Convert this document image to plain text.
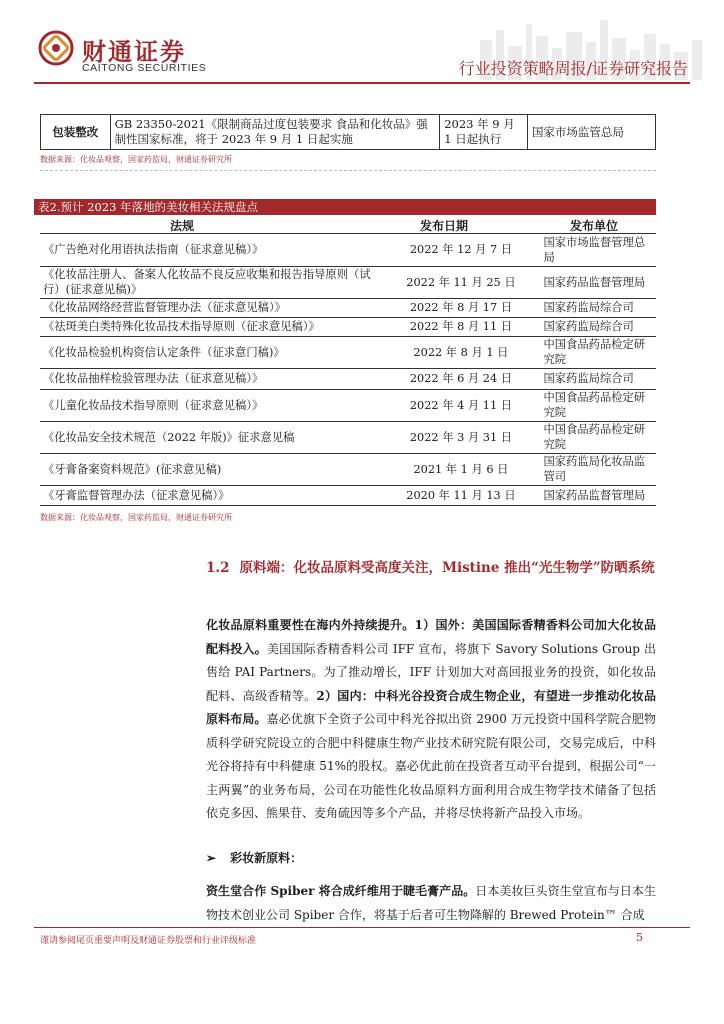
财通证券
CAITONG SECURITIES	行业投资策略周报/证券研究报告
包装整改	GB 23350-2021《限制商品过度包装要求 食品和化妆品》强制性国家标准，将于 2023 年 9 月 1 日起实施	2023 年 9 月 1 日起执行	国家市场监管总局
数据来源：化妆品观察，国家药监局，财通证券研究所
表2.预计 2023 年落地的美妆相关法规盘点
法规	发布日期	发布单位
《广告绝对化用语执法指南（征求意见稿）》	2022 年 12 月 7 日	国家市场监督管理总局
《化妆品注册人、备案人化妆品不良反应收集和报告指导原则（试行）(征求意见稿)》	2022 年 11 月 25 日	国家药品监督管理局
《化妆品网络经营监督管理办法（征求意见稿）》	2022 年 8 月 17 日	国家药监局综合司
《祛斑美白类特殊化妆品技术指导原则（征求意见稿）》	2022 年 8 月 11 日	国家药监局综合司
《化妆品检验机构资信认定条件（征求意门稿)》	2022 年 8 月 1 日	中国食品药品检定研究院
《化妆品抽样检验管理办法（征求意见稿）》	2022 年 6 月 24 日	国家药监局综合司
《儿童化妆品技术指导原则（征求意见稿）》	2022 年 4 月 11 日	中国食品药品检定研究院
《化妆品安全技术规范（2022 年版)》征求意见稿	2022 年 3 月 31 日	中国食品药品检定研究院
《牙膏备案资料规范》(征求意见稿)	2021 年 1 月 6 日	国家药监局化妆品监管司
《牙膏监督管理办法（征求意见稿）》	2020 年 11 月 13 日	国家药品监督管理局
数据来源：化妆品观察，国家药监局，财通证券研究所
1.2 原料端：化妆品原料受高度关注，Mistine 推出“光生物学”防晒系统
化妆品原料重要性在海内外持续提升。1）国外：美国国际香精香料公司加大化妆品配料投入。美国国际香精香料公司 IFF 宣布，将旗下 Savory Solutions Group 出售给 PAI Partners。为了推动增长，IFF 计划加大对高回报业务的投资，如化妆品配料、高级香精等。2）国内：中科光谷投资合成生物企业，有望进一步推动化妆品原料布局。嘉必优旗下全资子公司中科光谷拟出资 2900 万元投资中国科学院合肥物质科学研究院设立的合肥中科健康生物产业技术研究院有限公司，交易完成后，中科光谷将持有中科健康 51%的股权。嘉必优此前在投资者互动平台提到，根据公司“一主两翼”的业务布局，公司在功能性化妆品原料方面利用合成生物学技术储备了包括依克多因、熊果苷、麦角硫因等多个产品，并将尽快将新产品投入市场。
➢ 彩妆新原料：
资生堂合作 Spiber 将合成纤维用于睫毛膏产品。日本美妆巨头资生堂宣布与日本生物技术创业公司 Spiber 合作，将基于后者可生物降解的 Brewed Protein™ 合成
谨请参阅尾页重要声明及财通证券股票和行业评级标准	5
